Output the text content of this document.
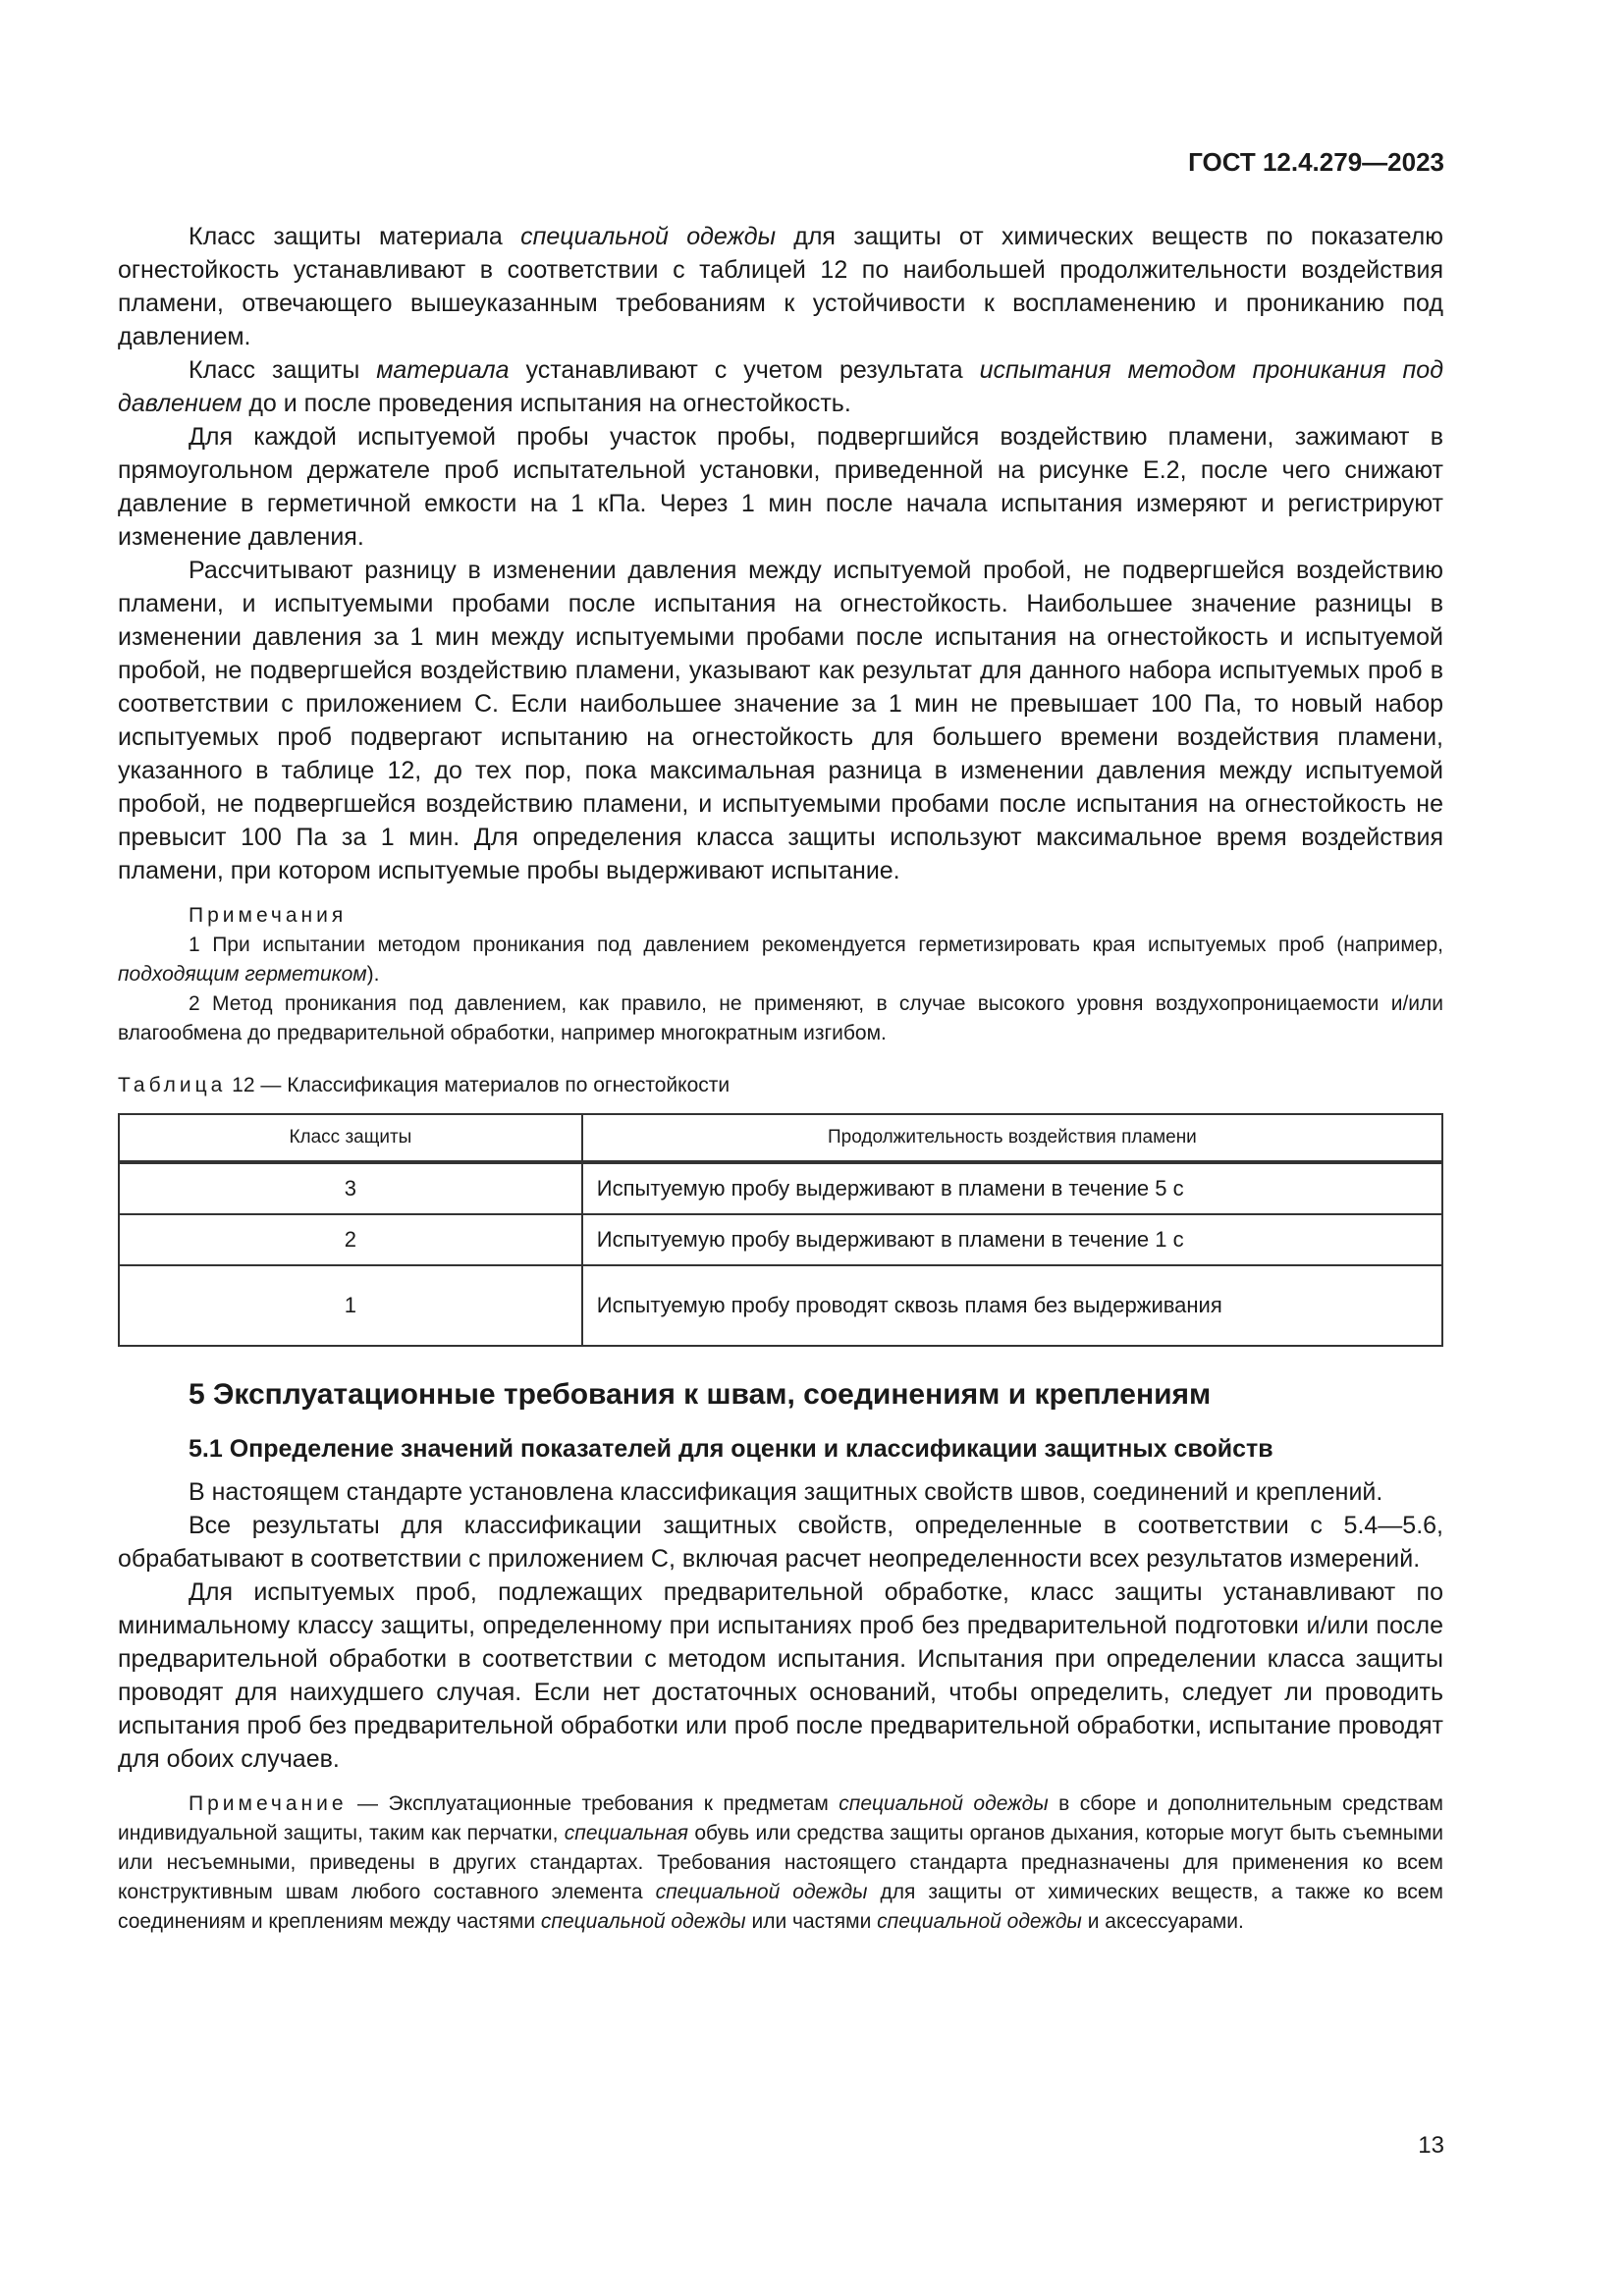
ГОСТ 12.4.279—2023

Класс защиты материала специальной одежды для защиты от химических веществ по показателю огнестойкость устанавливают в соответствии с таблицей 12 по наибольшей продолжительности воздействия пламени, отвечающего вышеуказанным требованиям к устойчивости к воспламенению и прониканию под давлением.

Класс защиты материала устанавливают с учетом результата испытания методом проникания под давлением до и после проведения испытания на огнестойкость.

Для каждой испытуемой пробы участок пробы, подвергшийся воздействию пламени, зажимают в прямоугольном держателе проб испытательной установки, приведенной на рисунке Е.2, после чего снижают давление в герметичной емкости на 1 кПа. Через 1 мин после начала испытания измеряют и регистрируют изменение давления.

Рассчитывают разницу в изменении давления между испытуемой пробой, не подвергшейся воздействию пламени, и испытуемыми пробами после испытания на огнестойкость. Наибольшее значение разницы в изменении давления за 1 мин между испытуемыми пробами после испытания на огнестойкость и испытуемой пробой, не подвергшейся воздействию пламени, указывают как результат для данного набора испытуемых проб в соответствии с приложением С. Если наибольшее значение за 1 мин не превышает 100 Па, то новый набор испытуемых проб подвергают испытанию на огнестойкость для большего времени воздействия пламени, указанного в таблице 12, до тех пор, пока максимальная разница в изменении давления между испытуемой пробой, не подвергшейся воздействию пламени, и испытуемыми пробами после испытания на огнестойкость не превысит 100 Па за 1 мин. Для определения класса защиты используют максимальное время воздействия пламени, при котором испытуемые пробы выдерживают испытание.

Примечания

1 При испытании методом проникания под давлением рекомендуется герметизировать края испытуемых проб (например, подходящим герметиком).

2 Метод проникания под давлением, как правило, не применяют, в случае высокого уровня воздухопроницаемости и/или влагообмена до предварительной обработки, например многократным изгибом.

Таблица 12 — Классификация материалов по огнестойкости
Класс защиты	Продолжительность воздействия пламени
3	Испытуемую пробу выдерживают в пламени в течение 5 с
2	Испытуемую пробу выдерживают в пламени в течение 1 с
1	Испытуемую пробу проводят сквозь пламя без выдерживания
5 Эксплуатационные требования к швам, соединениям и креплениям
5.1 Определение значений показателей для оценки и классификации защитных свойств

В настоящем стандарте установлена классификация защитных свойств швов, соединений и креплений.

Все результаты для классификации защитных свойств, определенные в соответствии с 5.4—5.6, обрабатывают в соответствии с приложением С, включая расчет неопределенности всех результатов измерений.

Для испытуемых проб, подлежащих предварительной обработке, класс защиты устанавливают по минимальному классу защиты, определенному при испытаниях проб без предварительной подготовки и/или после предварительной обработки в соответствии с методом испытания. Испытания при определении класса защиты проводят для наихудшего случая. Если нет достаточных оснований, чтобы определить, следует ли проводить испытания проб без предварительной обработки или проб после предварительной обработки, испытание проводят для обоих случаев.

Примечание — Эксплуатационные требования к предметам специальной одежды в сборе и дополнительным средствам индивидуальной защиты, таким как перчатки, специальная обувь или средства защиты органов дыхания, которые могут быть съемными или несъемными, приведены в других стандартах. Требования настоящего стандарта предназначены для применения ко всем конструктивным швам любого составного элемента специальной одежды для защиты от химических веществ, а также ко всем соединениям и креплениям между частями специальной одежды или частями специальной одежды и аксессуарами.

13
